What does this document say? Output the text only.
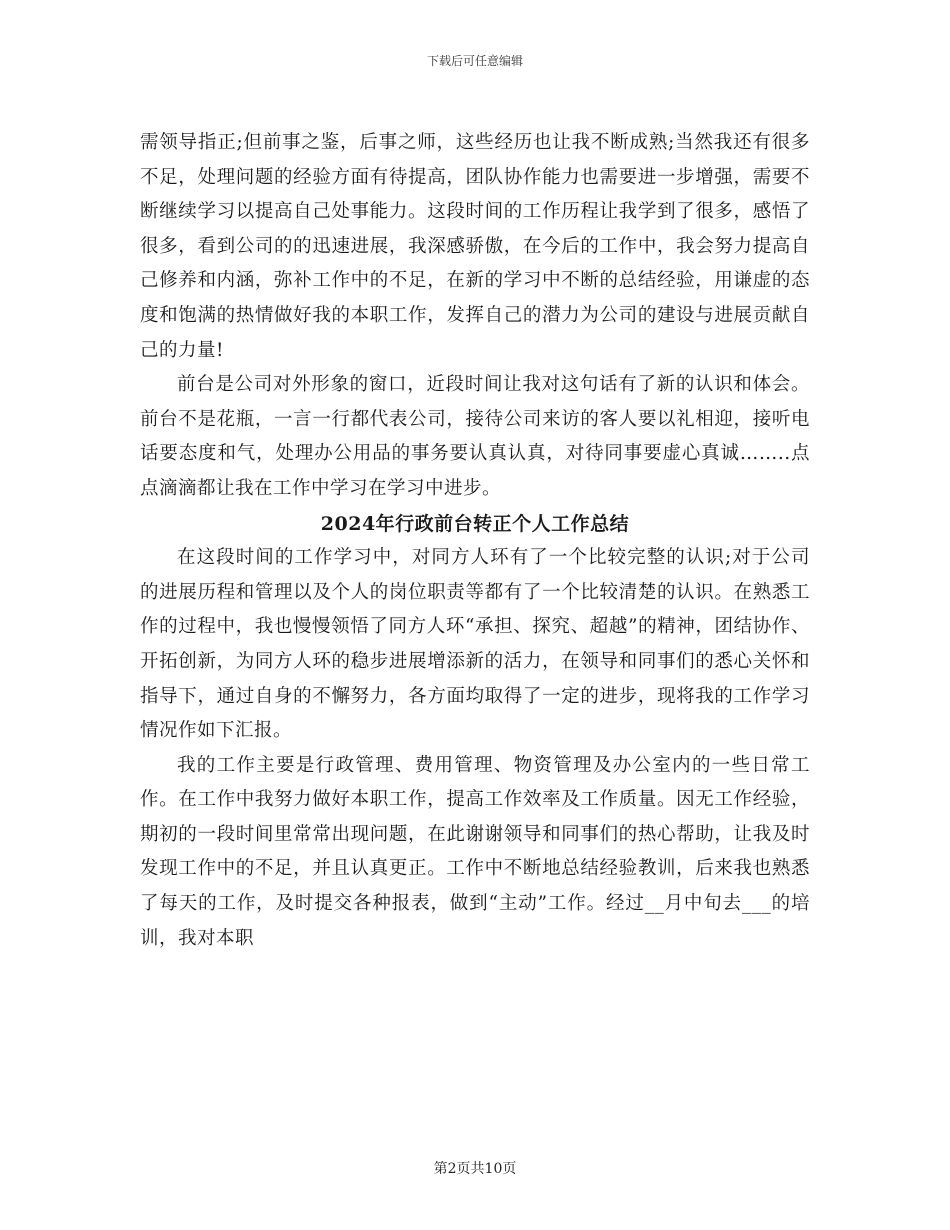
下载后可任意编辑

需领导指正;但前事之鉴，后事之师，这些经历也让我不断成熟;当然我还有很多不足，处理问题的经验方面有待提高，团队协作能力也需要进一步增强，需要不断继续学习以提高自己处事能力。这段时间的工作历程让我学到了很多，感悟了很多，看到公司的的迅速进展，我深感骄傲，在今后的工作中，我会努力提高自己修养和内涵，弥补工作中的不足，在新的学习中不断的总结经验，用谦虚的态度和饱满的热情做好我的本职工作，发挥自己的潜力为公司的建设与进展贡献自己的力量!

前台是公司对外形象的窗口，近段时间让我对这句话有了新的认识和体会。前台不是花瓶，一言一行都代表公司，接待公司来访的客人要以礼相迎，接听电话要态度和气，处理办公用品的事务要认真认真，对待同事要虚心真诚……..点点滴滴都让我在工作中学习在学习中进步。

2024年行政前台转正个人工作总结

在这段时间的工作学习中，对同方人环有了一个比较完整的认识;对于公司的进展历程和管理以及个人的岗位职责等都有了一个比较清楚的认识。在熟悉工作的过程中，我也慢慢领悟了同方人环“承担、探究、超越”的精神，团结协作、开拓创新，为同方人环的稳步进展增添新的活力，在领导和同事们的悉心关怀和指导下，通过自身的不懈努力，各方面均取得了一定的进步，现将我的工作学习情况作如下汇报。

我的工作主要是行政管理、费用管理、物资管理及办公室内的一些日常工作。在工作中我努力做好本职工作，提高工作效率及工作质量。因无工作经验，期初的一段时间里常常出现问题，在此谢谢领导和同事们的热心帮助，让我及时发现工作中的不足，并且认真更正。工作中不断地总结经验教训，后来我也熟悉了每天的工作，及时提交各种报表，做到“主动”工作。经过__月中旬去___的培训，我对本职

第2页共10页
